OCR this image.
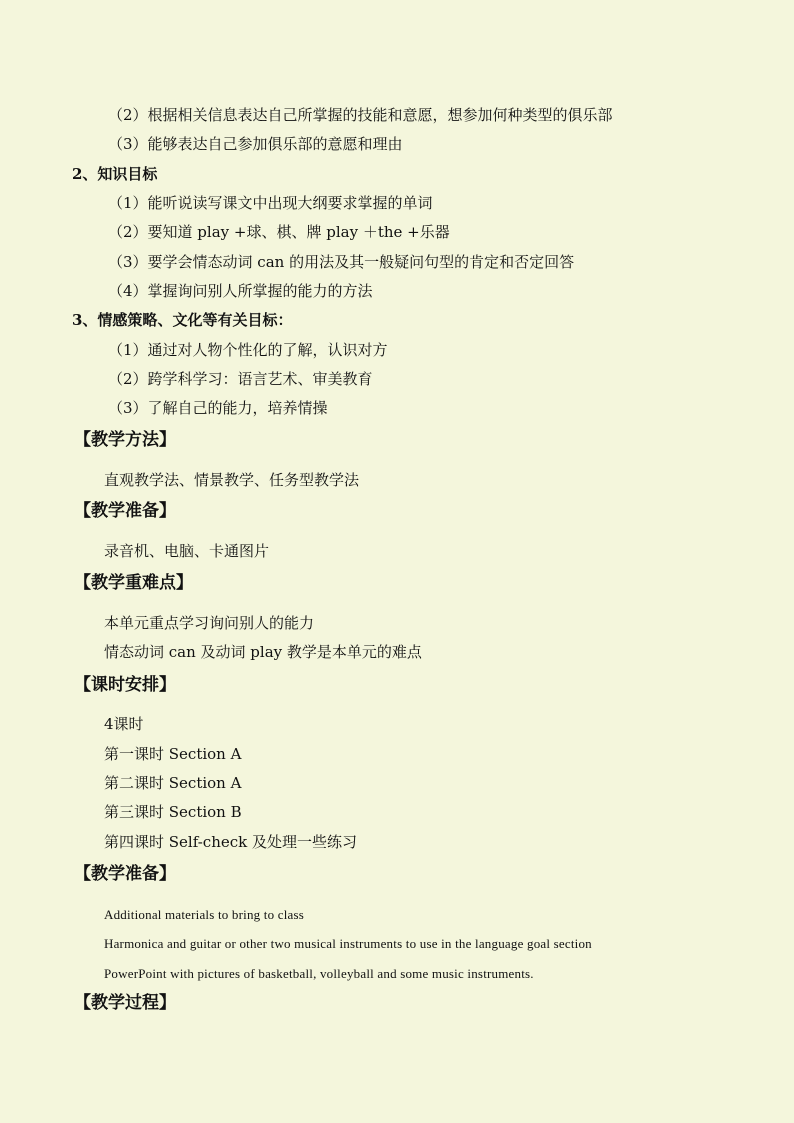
（2）根据相关信息表达自己所掌握的技能和意愿，想参加何种类型的俱乐部
（3）能够表达自己参加俱乐部的意愿和理由
2、知识目标
（1）能听说读写课文中出现大纲要求掌握的单词
（2）要知道 play +球、棋、牌 play ＋the +乐器
（3）要学会情态动词 can 的用法及其一般疑问句型的肯定和否定回答
（4）掌握询问别人所掌握的能力的方法
3、情感策略、文化等有关目标：
（1）通过对人物个性化的了解，认识对方
（2）跨学科学习：语言艺术、审美教育
（3）了解自己的能力，培养情操
【教学方法】
直观教学法、情景教学、任务型教学法
【教学准备】
录音机、电脑、卡通图片
【教学重难点】
本单元重点学习询问别人的能力
情态动词 can 及动词 play 教学是本单元的难点
【课时安排】
4课时
第一课时 Section A
第二课时 Section A
第三课时 Section B
第四课时 Self-check 及处理一些练习
【教学准备】
Additional materials to bring to class
Harmonica and guitar or other two musical instruments to use in the language goal section
PowerPoint with pictures of basketball, volleyball and some music instruments.
【教学过程】
